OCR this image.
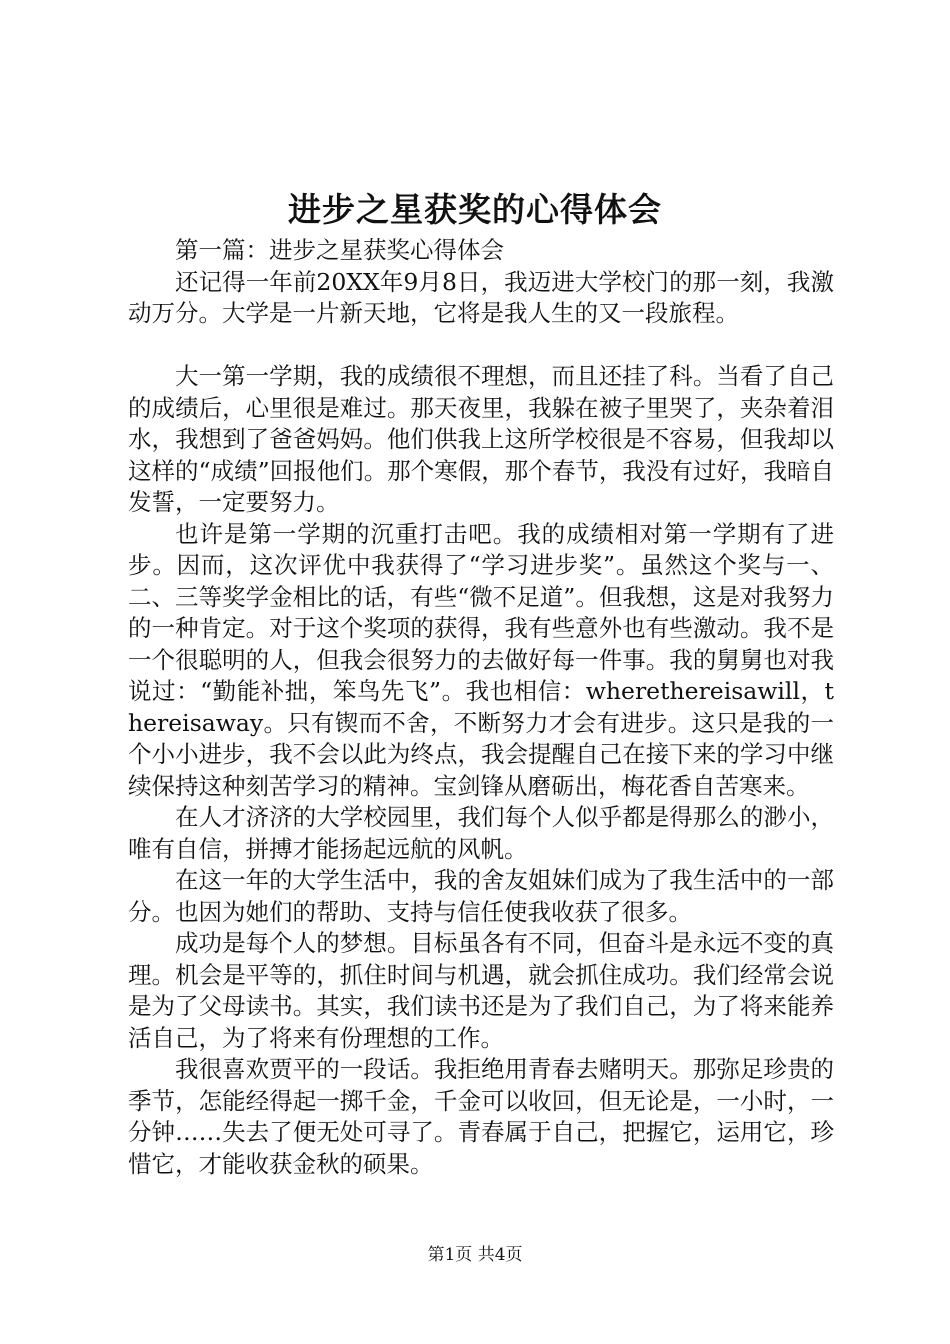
进步之星获奖的心得体会

第一篇：进步之星获奖心得体会

还记得一年前20XX年9月8日，我迈进大学校门的那一刻，我激动万分。大学是一片新天地，它将是我人生的又一段旅程。

大一第一学期，我的成绩很不理想，而且还挂了科。当看了自己的成绩后，心里很是难过。那天夜里，我躲在被子里哭了，夹杂着泪水，我想到了爸爸妈妈。他们供我上这所学校很是不容易，但我却以这样的“成绩”回报他们。那个寒假，那个春节，我没有过好，我暗自发誓，一定要努力。

也许是第一学期的沉重打击吧。我的成绩相对第一学期有了进步。因而，这次评优中我获得了“学习进步奖”。虽然这个奖与一、二、三等奖学金相比的话，有些“微不足道”。但我想，这是对我努力的一种肯定。对于这个奖项的获得，我有些意外也有些激动。我不是一个很聪明的人，但我会很努力的去做好每一件事。我的舅舅也对我说过：“勤能补拙，笨鸟先飞”。我也相信：wherethereisawill，thereisaway。只有锲而不舍，不断努力才会有进步。这只是我的一个小小进步，我不会以此为终点，我会提醒自己在接下来的学习中继续保持这种刻苦学习的精神。宝剑锋从磨砺出，梅花香自苦寒来。

在人才济济的大学校园里，我们每个人似乎都是得那么的渺小，唯有自信，拼搏才能扬起远航的风帆。

在这一年的大学生活中，我的舍友姐妹们成为了我生活中的一部分。也因为她们的帮助、支持与信任使我收获了很多。

成功是每个人的梦想。目标虽各有不同，但奋斗是永远不变的真理。机会是平等的，抓住时间与机遇，就会抓住成功。我们经常会说是为了父母读书。其实，我们读书还是为了我们自己，为了将来能养活自己，为了将来有份理想的工作。

我很喜欢贾平的一段话。我拒绝用青春去赌明天。那弥足珍贵的季节，怎能经得起一掷千金，千金可以收回，但无论是，一小时，一分钟……失去了便无处可寻了。青春属于自己，把握它，运用它，珍惜它，才能收获金秋的硕果。

第1页 共4页
